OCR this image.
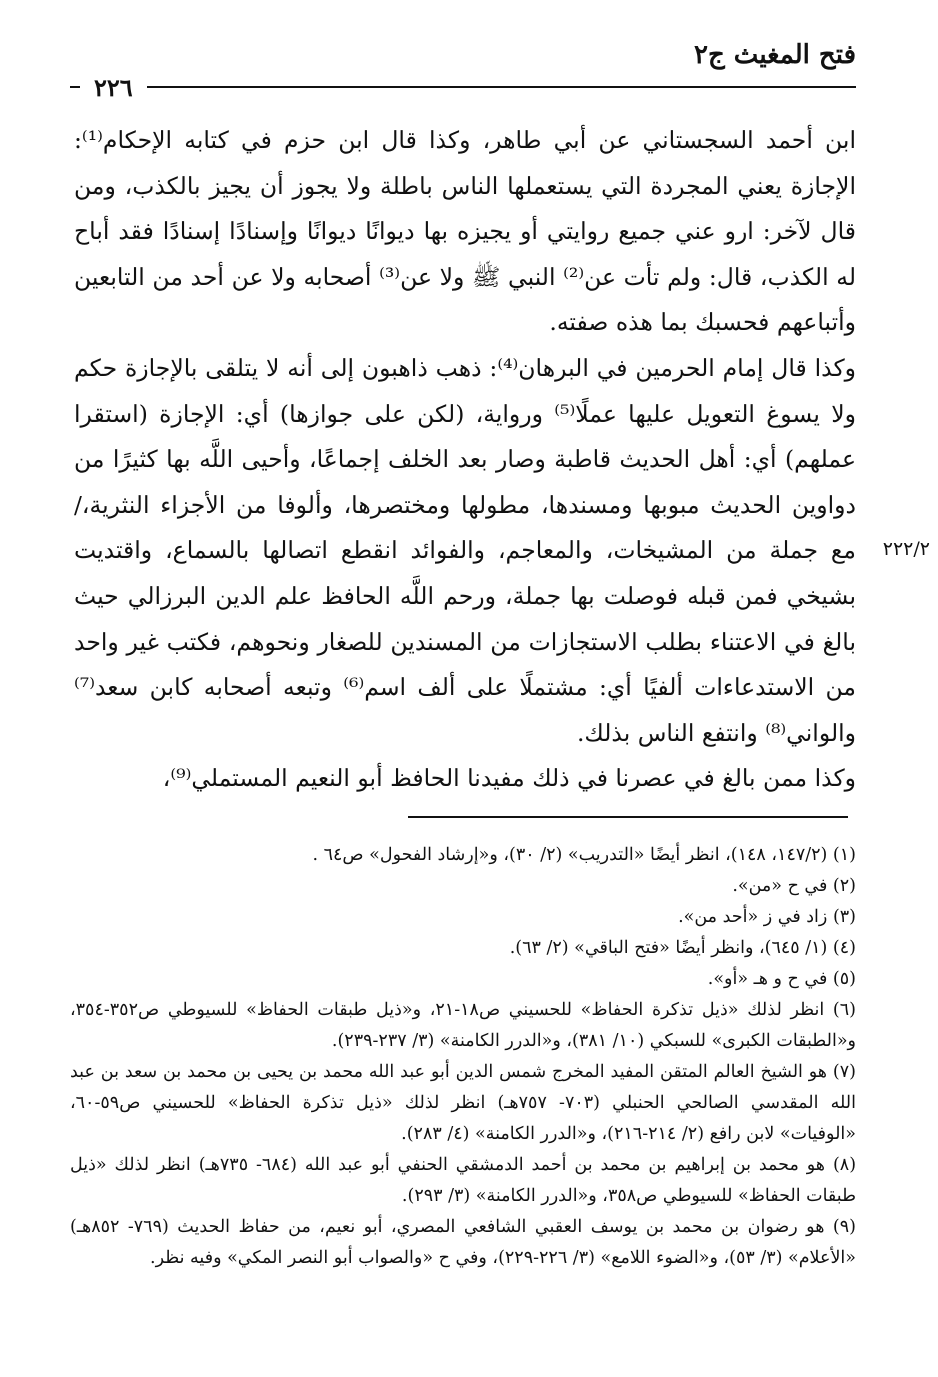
فتح المغيث ج٢
٢٢٦
٢٢٢/٢

ابن أحمد السجستاني عن أبي طاهر، وكذا قال ابن حزم في كتابه الإحكام⁽¹⁾: الإجازة يعني المجردة التي يستعملها الناس باطلة ولا يجوز أن يجيز بالكذب، ومن قال لآخر: ارو عني جميع روايتي أو يجيزه بها ديوانًا ديوانًا وإسنادًا إسنادًا فقد أباح له الكذب، قال: ولم تأت عن⁽²⁾ النبي ﷺ ولا عن⁽³⁾ أصحابه ولا عن أحد من التابعين وأتباعهم فحسبك بما هذه صفته.

وكذا قال إمام الحرمين في البرهان⁽⁴⁾: ذهب ذاهبون إلى أنه لا يتلقى بالإجازة حكم ولا يسوغ التعويل عليها عملًا⁽⁵⁾ ورواية، (لكن على جوازها) أي: الإجازة (استقرا عملهم) أي: أهل الحديث قاطبة وصار بعد الخلف إجماعًا، وأحيى اللَّه بها كثيرًا من دواوين الحديث مبوبها ومسندها، مطولها ومختصرها، وألوفا من الأجزاء النثرية،/ مع جملة من المشيخات، والمعاجم، والفوائد انقطع اتصالها بالسماع، واقتديت بشيخي فمن قبله فوصلت بها جملة، ورحم اللَّه الحافظ علم الدين البرزالي حيث بالغ في الاعتناء بطلب الاستجازات من المسندين للصغار ونحوهم، فكتب غير واحد من الاستدعاءات ألفيًا أي: مشتملًا على ألف اسم⁽⁶⁾ وتبعه أصحابه كابن سعد⁽⁷⁾ والواني⁽⁸⁾ وانتفع الناس بذلك.

وكذا ممن بالغ في عصرنا في ذلك مفيدنا الحافظ أبو النعيم المستملي⁽⁹⁾،

(١) (١٤٧/٢، ١٤٨)، انظر أيضًا «التدريب» (٢/ ٣٠)، و«إرشاد الفحول» ص٦٤ .

(٢) في ح «من».

(٣) زاد في ز «أحد من».

(٤) (١/ ٦٤٥)، وانظر أيضًا «فتح الباقي» (٢/ ٦٣).

(٥) في ح و هـ «أو».

(٦) انظر لذلك «ذيل تذكرة الحفاظ» للحسيني ص١٨-٢١، و«ذيل طبقات الحفاظ» للسيوطي ص٣٥٢-٣٥٤، و«الطبقات الكبرى» للسبكي (١٠/ ٣٨١)، و«الدرر الكامنة» (٣/ ٢٣٧-٢٣٩).

(٧) هو الشيخ العالم المتقن المفيد المخرج شمس الدين أبو عبد الله محمد بن يحيى بن محمد بن سعد بن عبد الله المقدسي الصالحي الحنبلي (٧٠٣- ٧٥٧هـ) انظر لذلك «ذيل تذكرة الحفاظ» للحسيني ص٥٩-٦٠، «الوفيات» لابن رافع (٢/ ٢١٤-٢١٦)، و«الدرر الكامنة» (٤/ ٢٨٣).

(٨) هو محمد بن إبراهيم بن محمد بن أحمد الدمشقي الحنفي أبو عبد الله (٦٨٤- ٧٣٥هـ) انظر لذلك «ذيل طبقات الحفاظ» للسيوطي ص٣٥٨، و«الدرر الكامنة» (٣/ ٢٩٣).

(٩) هو رضوان بن محمد بن يوسف العقبي الشافعي المصري، أبو نعيم، من حفاظ الحديث (٧٦٩- ٨٥٢هـ) «الأعلام» (٣/ ٥٣)، و«الضوء اللامع» (٣/ ٢٢٦-٢٢٩)، وفي ح «والصواب أبو النصر المكي» وفيه نظر.
